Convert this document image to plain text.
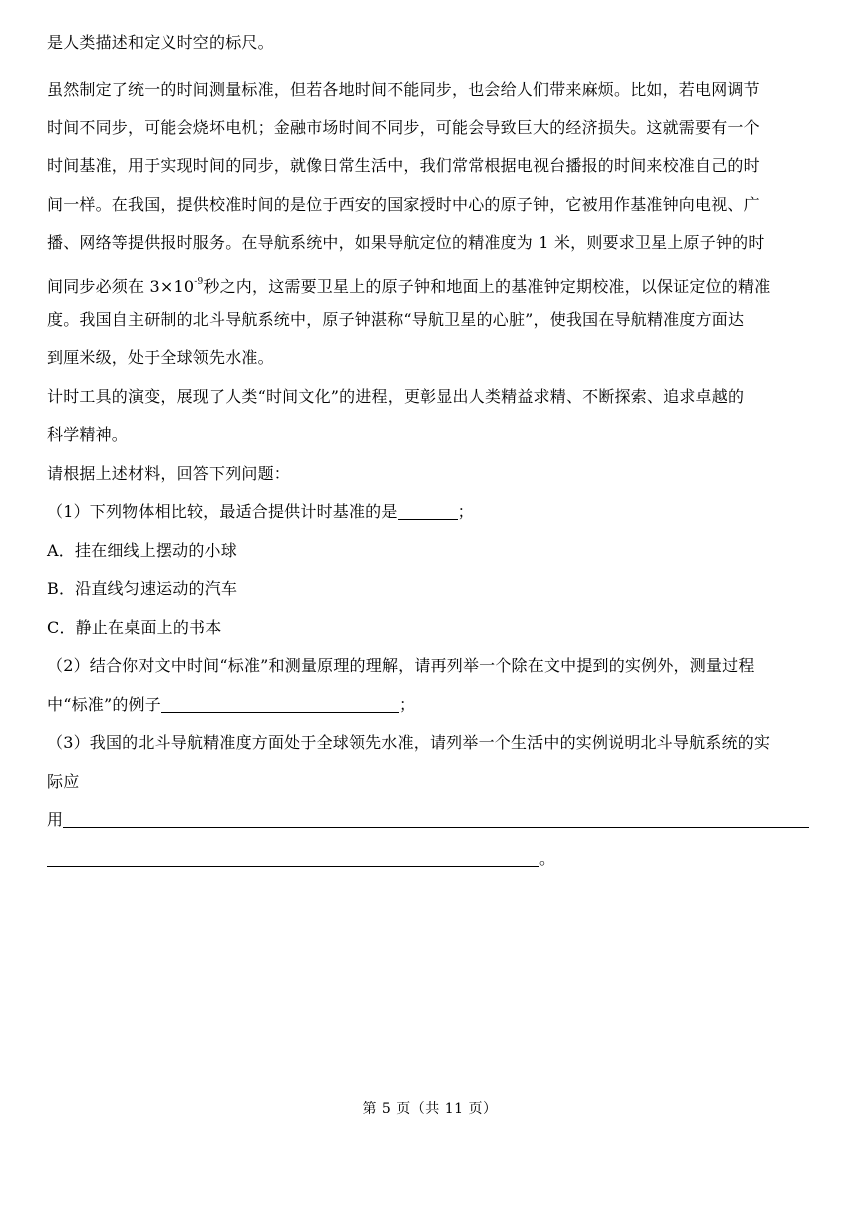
是人类描述和定义时空的标尺。
虽然制定了统一的时间测量标准，但若各地时间不能同步，也会给人们带来麻烦。比如，若电网调节
时间不同步，可能会烧坏电机；金融市场时间不同步，可能会导致巨大的经济损失。这就需要有一个
时间基准，用于实现时间的同步，就像日常生活中，我们常常根据电视台播报的时间来校准自己的时
间一样。在我国，提供校准时间的是位于西安的国家授时中心的原子钟，它被用作基准钟向电视、广
播、网络等提供报时服务。在导航系统中，如果导航定位的精准度为 1 米，则要求卫星上原子钟的时
间同步必须在 $3\times 10^{-9}$秒之内，这需要卫星上的原子钟和地面上的基准钟定期校准，以保证定位的精准
度。我国自主研制的北斗导航系统中，原子钟湛称“导航卫星的心脏”，使我国在导航精准度方面达
到厘米级，处于全球领先水准。
计时工具的演变，展现了人类“时间文化”的进程，更彰显出人类精益求精、不断探索、追求卓越的
科学精神。
请根据上述材料，回答下列问题：
（1）下列物体相比较，最适合提供计时基准的是	；
A．挂在细线上摆动的小球
B．沿直线匀速运动的汽车
C．静止在桌面上的书本
（2）结合你对文中时间“标准”和测量原理的理解，请再列举一个除在文中提到的实例外，测量过程
中“标准”的例子	；
（3）我国的北斗导航精准度方面处于全球领先水准，请列举一个生活中的实例说明北斗导航系统的实
际应
用
。
第 5 页（共 11 页）
